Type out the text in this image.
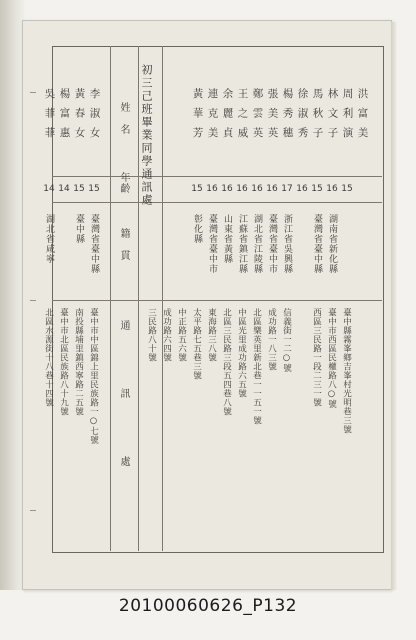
初三己班畢業同學通訊處
姓　名
年齡
籍　貫
通　訊　處
洪富美
周利演
15
臺中縣霧峯鄉吉峯村光明巷三號
林文子
16
湖南省新化縣
臺中市西區民權路八○號
馬秋子
15
臺灣省臺中縣
西區三民路一段二三一號
徐淑秀
16
楊秀穗
17
浙江省吳興縣
信義街一二○號
張美英
16
臺灣省臺中市
成功路一八三號
鄭雲英
16
湖北省江陵縣
北區樂英里新北巷一一五一號
王之威
16
江蘇省鎮江縣
中區光里成功路六五號
余麗貞
16
山東省黃縣
北區三民路三段五四巷八號
連克美
16
臺灣省臺中市
東海路三八號
黃華芳
15
彰化縣
太平路七五巷三號
中正路五六號
成功路六四號
三民路八十號
李淑女
15
臺灣省臺中縣
臺中市中區錦上里民族路一○七號
黃春女
15
臺中縣
南投縣埔里鎮西寧路二五號
楊富惠
14
臺中市北區民族路八十九號
吳菲菲
14
湖北省咸寧
北區水源街十八巷十四號
20100060626_P132
